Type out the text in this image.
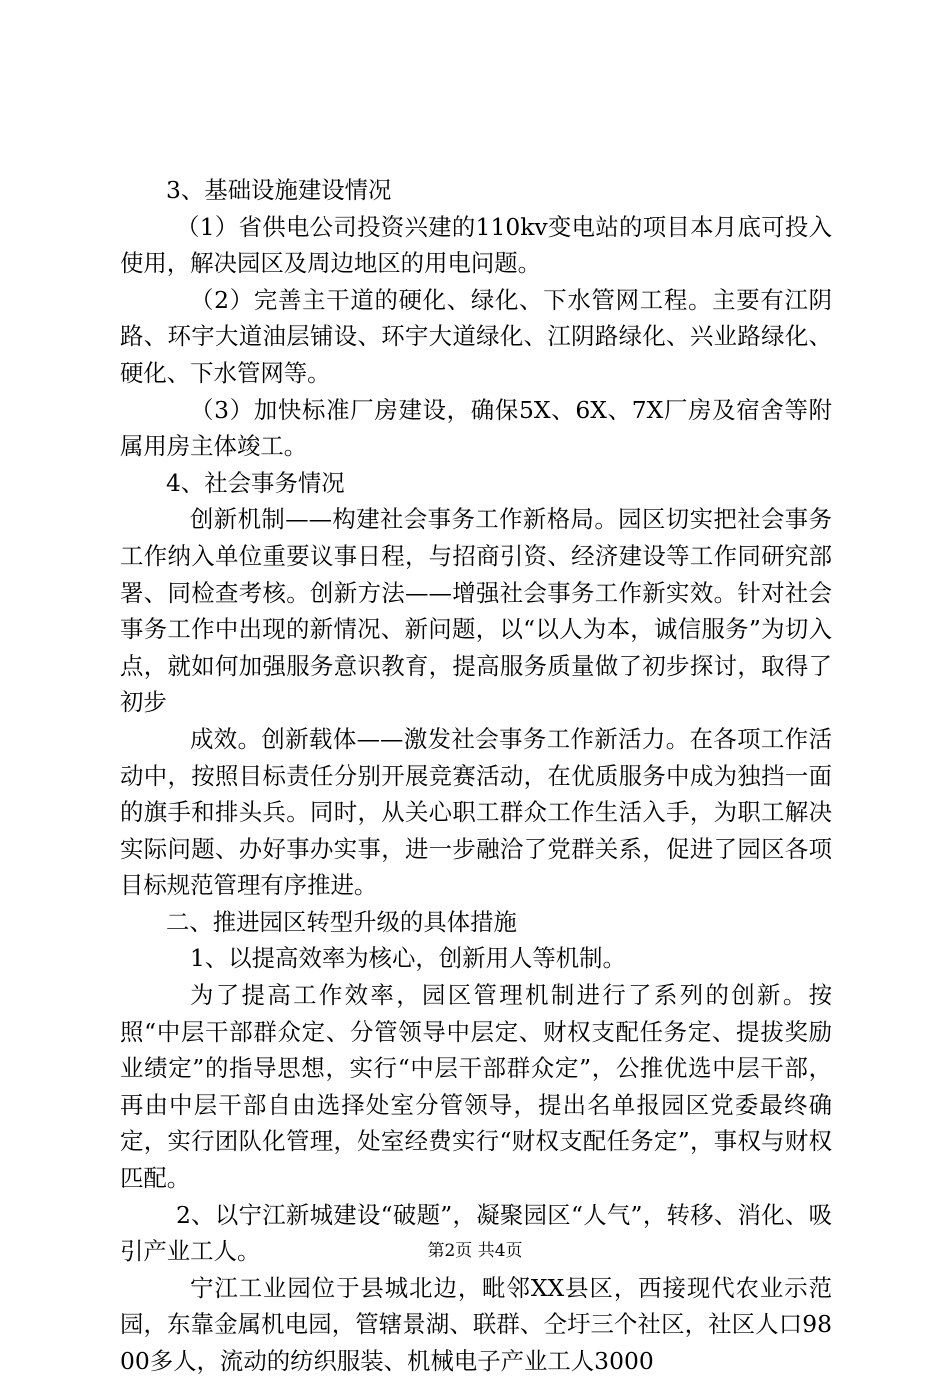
3、基础设施建设情况

（1）省供电公司投资兴建的110kv变电站的项目本月底可投入使用，解决园区及周边地区的用电问题。

（2）完善主干道的硬化、绿化、下水管网工程。主要有江阴路、环宇大道油层铺设、环宇大道绿化、江阴路绿化、兴业路绿化、硬化、下水管网等。

（3）加快标准厂房建设，确保5X、6X、7X厂房及宿舍等附属用房主体竣工。

4、社会事务情况

创新机制——构建社会事务工作新格局。园区切实把社会事务工作纳入单位重要议事日程，与招商引资、经济建设等工作同研究部署、同检查考核。创新方法——增强社会事务工作新实效。针对社会事务工作中出现的新情况、新问题，以“以人为本，诚信服务”为切入点，就如何加强服务意识教育，提高服务质量做了初步探讨，取得了初步

成效。创新载体——激发社会事务工作新活力。在各项工作活动中，按照目标责任分别开展竞赛活动，在优质服务中成为独挡一面的旗手和排头兵。同时，从关心职工群众工作生活入手，为职工解决实际问题、办好事办实事，进一步融洽了党群关系，促进了园区各项目标规范管理有序推进。

二、推进园区转型升级的具体措施

1、以提高效率为核心，创新用人等机制。

为了提高工作效率，园区管理机制进行了系列的创新。按照“中层干部群众定、分管领导中层定、财权支配任务定、提拔奖励业绩定”的指导思想，实行“中层干部群众定”，公推优选中层干部，再由中层干部自由选择处室分管领导，提出名单报园区党委最终确定，实行团队化管理，处室经费实行“财权支配任务定”，事权与财权匹配。

2、以宁江新城建设“破题”，凝聚园区“人气”，转移、消化、吸引产业工人。

宁江工业园位于县城北边，毗邻XX县区，西接现代农业示范园，东靠金属机电园，管辖景湖、联群、仝圩三个社区，社区人口9800多人，流动的纺织服装、机械电子产业工人3000

第2页 共4页
